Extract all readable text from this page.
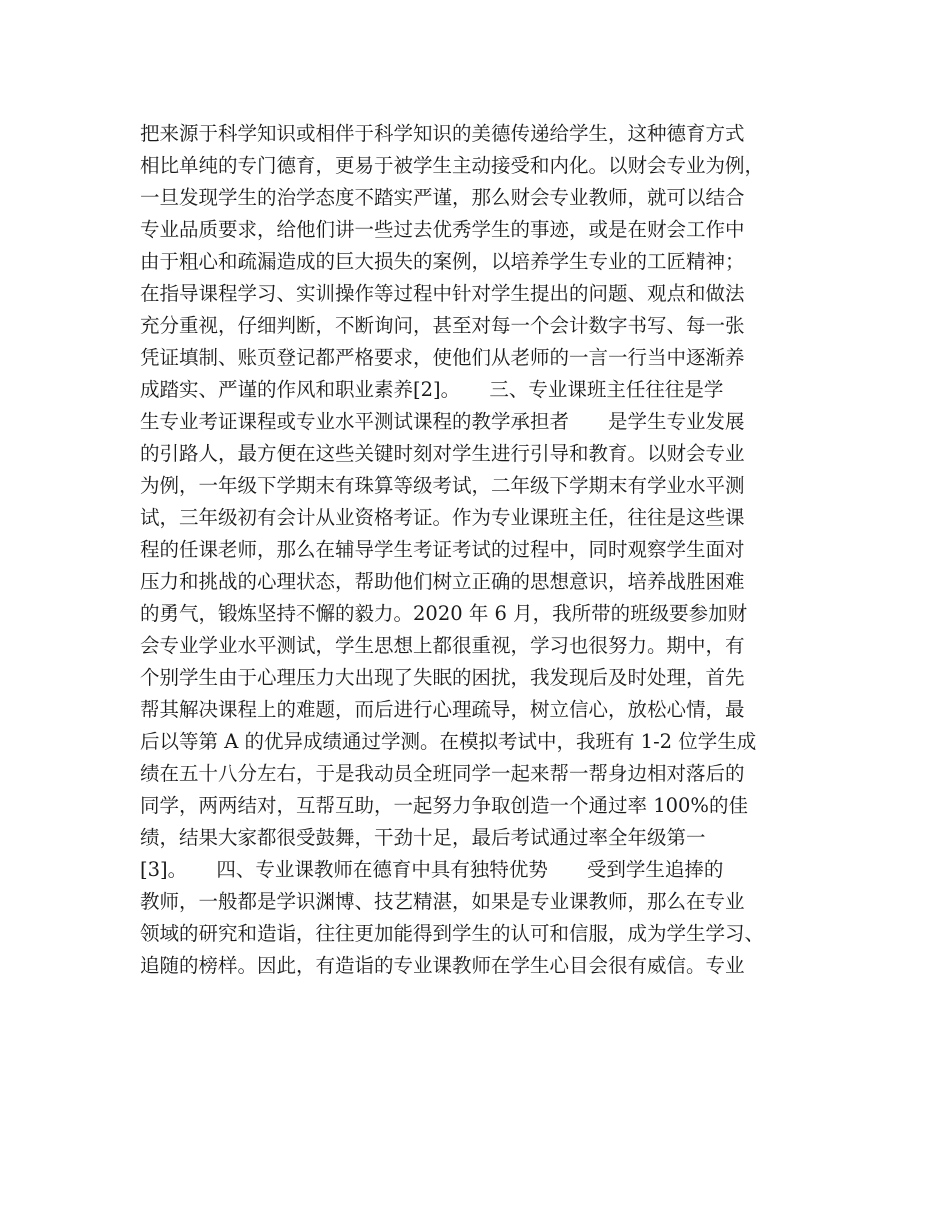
把来源于科学知识或相伴于科学知识的美德传递给学生，这种德育方式
相比单纯的专门德育，更易于被学生主动接受和内化。以财会专业为例，
一旦发现学生的治学态度不踏实严谨，那么财会专业教师，就可以结合
专业品质要求，给他们讲一些过去优秀学生的事迹，或是在财会工作中
由于粗心和疏漏造成的巨大损失的案例，以培养学生专业的工匠精神；
在指导课程学习、实训操作等过程中针对学生提出的问题、观点和做法
充分重视，仔细判断，不断询问，甚至对每一个会计数字书写、每一张
凭证填制、账页登记都严格要求，使他们从老师的一言一行当中逐渐养
成踏实、严谨的作风和职业素养[2]。　　三、专业课班主任往往是学
生专业考证课程或专业水平测试课程的教学承担者　　是学生专业发展
的引路人，最方便在这些关键时刻对学生进行引导和教育。以财会专业
为例，一年级下学期末有珠算等级考试，二年级下学期末有学业水平测
试，三年级初有会计从业资格考证。作为专业课班主任，往往是这些课
程的任课老师，那么在辅导学生考证考试的过程中，同时观察学生面对
压力和挑战的心理状态，帮助他们树立正确的思想意识，培养战胜困难
的勇气，锻炼坚持不懈的毅力。2020 年 6 月，我所带的班级要参加财
会专业学业水平测试，学生思想上都很重视，学习也很努力。期中，有
个别学生由于心理压力大出现了失眠的困扰，我发现后及时处理，首先
帮其解决课程上的难题，而后进行心理疏导，树立信心，放松心情，最
后以等第 A 的优异成绩通过学测。在模拟考试中，我班有 1-2 位学生成
绩在五十八分左右，于是我动员全班同学一起来帮一帮身边相对落后的
同学，两两结对，互帮互助，一起努力争取创造一个通过率 100%的佳
绩，结果大家都很受鼓舞，干劲十足，最后考试通过率全年级第一
[3]。　　四、专业课教师在德育中具有独特优势　　受到学生追捧的
教师，一般都是学识渊博、技艺精湛，如果是专业课教师，那么在专业
领域的研究和造诣，往往更加能得到学生的认可和信服，成为学生学习、
追随的榜样。因此，有造诣的专业课教师在学生心目会很有威信。专业
